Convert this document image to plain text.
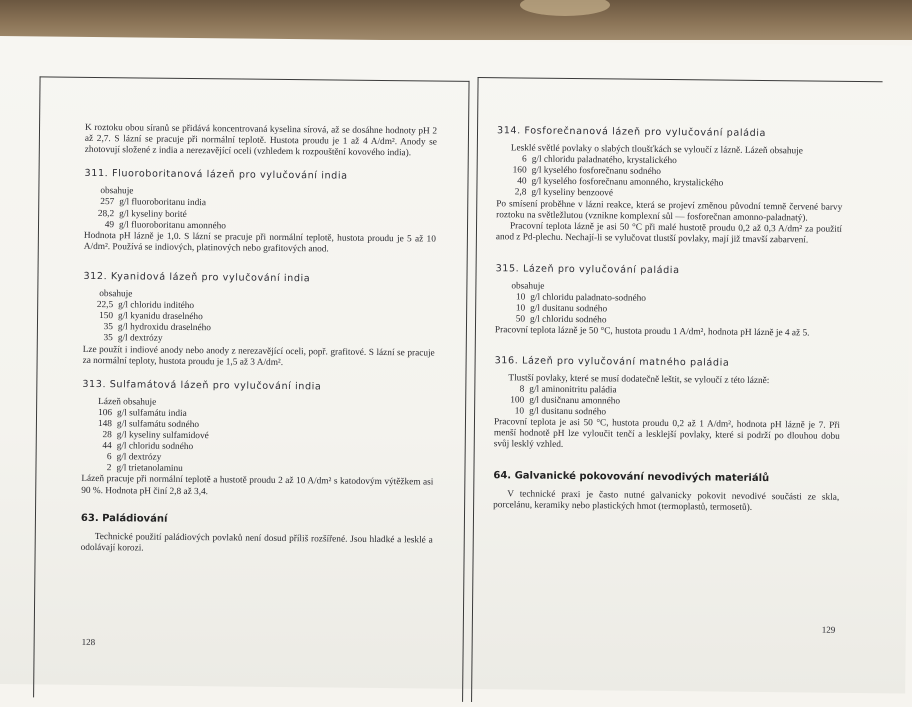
K roztoku obou síranů se přidává koncentrovaná kyselina sírová, až se dosáhne hodnoty pH 2 až 2,7. S lázní se pracuje při normální teplotě. Hustota proudu je 1 až 4 A/dm². Anody se zhotovují složené z india a nerezavějící oceli (vzhledem k rozpouštění kovového india).

311. Fluoroboritanová lázeň pro vylučování india
obsahuje
257 g/l fluoroboritanu india
28,2 g/l kyseliny borité
49 g/l fluoroboritanu amonného

Hodnota pH lázně je 1,0. S lázní se pracuje při normální teplotě, hustota proudu je 5 až 10 A/dm². Používá se indiových, platinových nebo grafitových anod.

312. Kyanidová lázeň pro vylučování india
obsahuje
22,5 g/l chloridu inditého
150 g/l kyanidu draselného
35 g/l hydroxidu draselného
35 g/l dextrózy

Lze použít i indiové anody nebo anody z nerezavějící oceli, popř. grafitové. S lázní se pracuje za normální teploty, hustota proudu je 1,5 až 3 A/dm².

313. Sulfamátová lázeň pro vylučování india
Lázeň obsahuje
106 g/l sulfamátu india
148 g/l sulfamátu sodného
28 g/l kyseliny sulfamidové
44 g/l chloridu sodného
6 g/l dextrózy
2 g/l trietanolaminu

Lázeň pracuje při normální teplotě a hustotě proudu 2 až 10 A/dm² s katodovým výtěžkem asi 90 %. Hodnota pH činí 2,8 až 3,4.

63. Paládiování

Technické použití paládiových povlaků není dosud příliš rozšířené. Jsou hladké a lesklé a odolávají korozi.

128
314. Fosforečnanová lázeň pro vylučování paládia

Lesklé světlé povlaky o slabých tloušťkách se vyloučí z lázně. Lázeň obsahuje

6 g/l chloridu paladnatého, krystalického
160 g/l kyselého fosforečnanu sodného
40 g/l kyselého fosforečnanu amonného, krystalického
2,8 g/l kyseliny benzoové

Po smísení proběhne v lázni reakce, která se projeví změnou původní temně červené barvy roztoku na světležlutou (vznikne komplexní sůl — fosforečnan amonno-paladnatý).

Pracovní teplota lázně je asi 50 °C při malé hustotě proudu 0,2 až 0,3 A/dm² za použití anod z Pd-plechu. Nechají-li se vylučovat tlustší povlaky, mají již tmavší zabarvení.

315. Lázeň pro vylučování paládia
obsahuje
10 g/l chloridu paladnato-sodného
10 g/l dusitanu sodného
50 g/l chloridu sodného

Pracovní teplota lázně je 50 °C, hustota proudu 1 A/dm², hodnota pH lázně je 4 až 5.

316. Lázeň pro vylučování matného paládia

Tlustší povlaky, které se musí dodatečně leštit, se vyloučí z této lázně:

8 g/l aminonitritu paládia
100 g/l dusičnanu amonného
10 g/l dusitanu sodného

Pracovní teplota je asi 50 °C, hustota proudu 0,2 až 1 A/dm², hodnota pH lázně je 7. Při menší hodnotě pH lze vyloučit tenčí a lesklejší povlaky, které si podrží po dlouhou dobu svůj lesklý vzhled.

64. Galvanické pokovování nevodivých materiálů

V technické praxi je často nutné galvanicky pokovit nevodivé součásti ze skla, porcelánu, keramiky nebo plastických hmot (termoplastů, termosetů).

129
